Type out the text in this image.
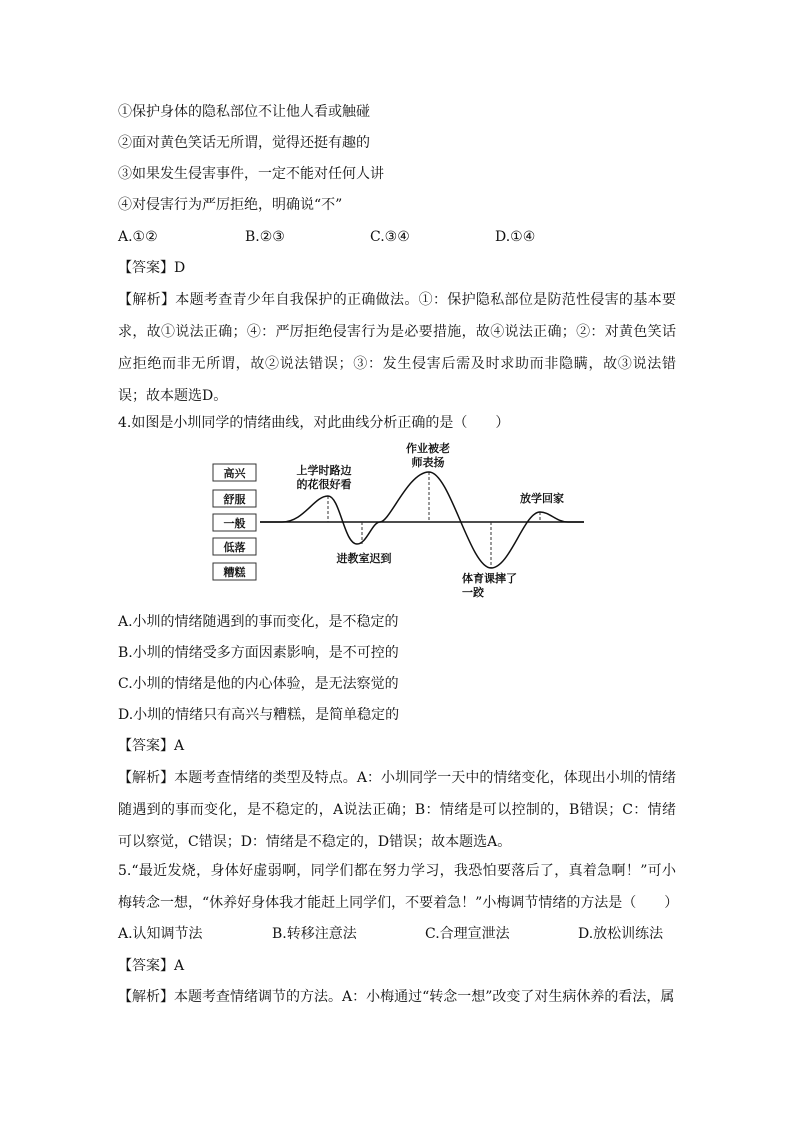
①保护身体的隐私部位不让他人看或触碰
②面对黄色笑话无所谓，觉得还挺有趣的
③如果发生侵害事件，一定不能对任何人讲
④对侵害行为严厉拒绝，明确说“不”
A.①②	B.②③	C.③④	D.①④
【答案】D
【解析】本题考查青少年自我保护的正确做法。①：保护隐私部位是防范性侵害的基本要求，故①说法正确；④：严厉拒绝侵害行为是必要措施，故④说法正确；②：对黄色笑话应拒绝而非无所谓，故②说法错误；③：发生侵害后需及时求助而非隐瞒，故③说法错误；故本题选D。
4.如图是小圳同学的情绪曲线，对此曲线分析正确的是（　　）
高兴
舒服
一般
低落
糟糕
上学时路边
的花很好看
作业被老
师表扬
进教室迟到
体育课摔了
一跤
放学回家
A.小圳的情绪随遇到的事而变化，是不稳定的
B.小圳的情绪受多方面因素影响，是不可控的
C.小圳的情绪是他的内心体验，是无法察觉的
D.小圳的情绪只有高兴与糟糕，是简单稳定的
【答案】A
【解析】本题考查情绪的类型及特点。A：小圳同学一天中的情绪变化，体现出小圳的情绪随遇到的事而变化，是不稳定的，A说法正确；B：情绪是可以控制的，B错误；C：情绪可以察觉，C错误；D：情绪是不稳定的，D错误；故本题选A。
5.“最近发烧，身体好虚弱啊，同学们都在努力学习，我恐怕要落后了，真着急啊！”可小梅转念一想，“休养好身体我才能赶上同学们，不要着急！”小梅调节情绪的方法是（　　）
A.认知调节法	B.转移注意法	C.合理宣泄法	D.放松训练法
【答案】A
【解析】本题考查情绪调节的方法。A：小梅通过“转念一想”改变了对生病休养的看法，属
